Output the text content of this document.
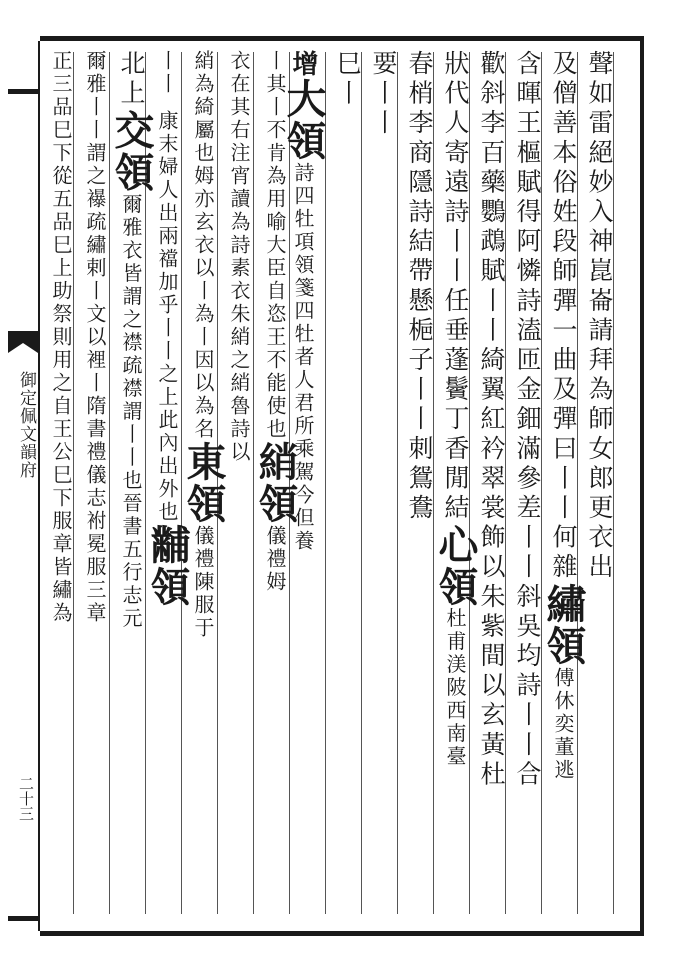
御定佩文韻府
二十三
聲如雷絕妙入神崑崙請拜為師女郎更衣出
及僧善本俗姓段師彈一曲及彈曰丨丨何雜繡領傅休奕董逃
含暉王樞賦得阿憐詩溘匝金鈿滿參差丨丨斜吳均詩丨丨合
歡斜李百藥鸚鵡賦丨丨綺翼紅衿翠裳飾以朱紫間以玄黃杜
狀代人寄遠詩丨丨任垂蓬鬢丁香閒結心領杜甫渼陂西南臺
春梢李商隱詩結帶懸梔子丨丨刺鴛鴦
要丨丨
巳丨
增大領詩四牡項領箋四牡者人君所乘駕今但養
丨其丨不肯為用喻大臣自恣王不能使也綃領儀禮姆
衣在其右注宵讀為詩素衣朱綃之綃魯詩以
綃為綺屬也姆亦玄衣以丨為丨因以為名東領儀禮陳服于
丨丨
北上交領爾雅衣皆謂之襟疏襟謂丨丨也晉書五行志元 康末婦人出兩襠加乎丨丨之上此內出外也黼領
爾雅丨丨謂之襮疏繡剌丨文以裡丨隋書禮儀志袝冕服三章
正三品巳下從五品巳上助祭則用之自王公巳下服章皆繡為
